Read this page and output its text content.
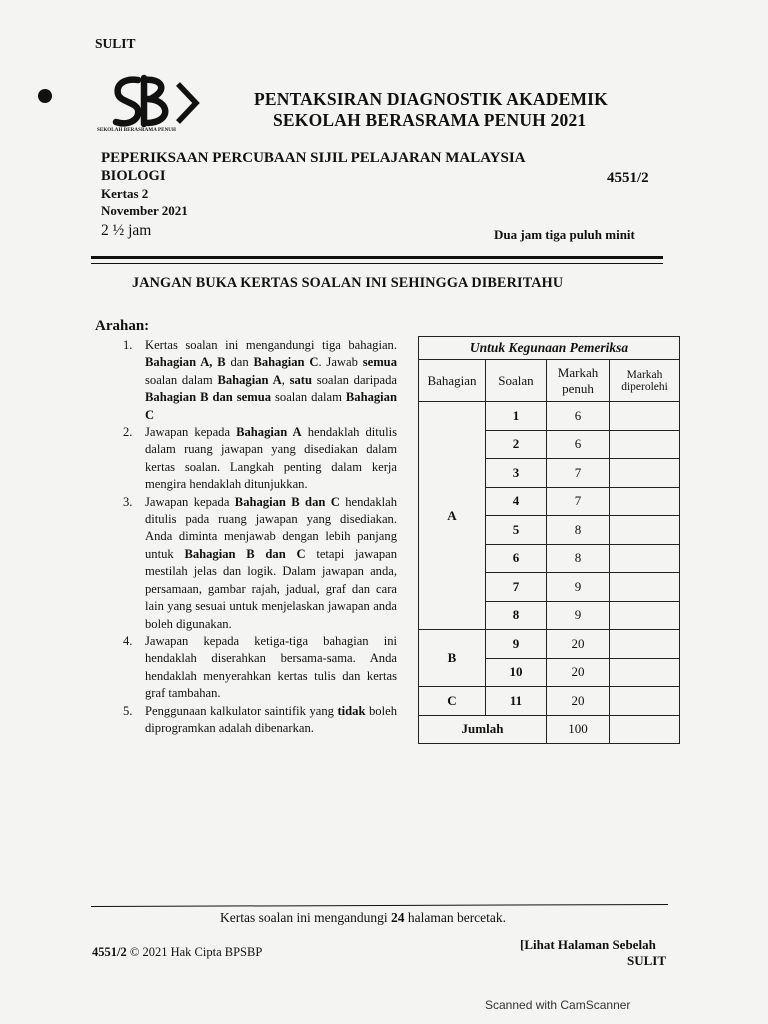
SULIT
SEKOLAH BERASRAMA PENUH
PENTAKSIRAN DIAGNOSTIK AKADEMIK
SEKOLAH BERASRAMA PENUH 2021
PEPERIKSAAN PERCUBAAN SIJIL PELAJARAN MALAYSIA
BIOLOGI	4551/2
Kertas 2
November 2021
2 ½ jam	Dua jam tiga puluh minit
JANGAN BUKA KERTAS SOALAN INI SEHINGGA DIBERITAHU
Arahan:
1. Kertas soalan ini mengandungi tiga bahagian. Bahagian A, B dan Bahagian C. Jawab semua soalan dalam Bahagian A, satu soalan daripada Bahagian B dan semua soalan dalam Bahagian C
2. Jawapan kepada Bahagian A hendaklah ditulis dalam ruang jawapan yang disediakan dalam kertas soalan. Langkah penting dalam kerja mengira hendaklah ditunjukkan.
3. Jawapan kepada Bahagian B dan C hendaklah ditulis pada ruang jawapan yang disediakan. Anda diminta menjawab dengan lebih panjang untuk Bahagian B dan C tetapi jawapan mestilah jelas dan logik. Dalam jawapan anda, persamaan, gambar rajah, jadual, graf dan cara lain yang sesuai untuk menjelaskan jawapan anda boleh digunakan.
4. Jawapan kepada ketiga-tiga bahagian ini hendaklah diserahkan bersama-sama. Anda hendaklah menyerahkan kertas tulis dan kertas graf tambahan.
5. Penggunaan kalkulator saintifik yang tidak boleh diprogramkan adalah dibenarkan.
Untuk Kegunaan Pemeriksa			
Bahagian	Soalan	Markah penuh	Markah diperolehi
A	1	6	
	2	6	
	3	7	
	4	7	
	5	8	
	6	8	
	7	9	
	8	9	
B	9	20	
	10	20	
C	11	20	
Jumlah		100	
Kertas soalan ini mengandungi 24 halaman bercetak.
4551/2 © 2021 Hak Cipta BPSBP	[Lihat Halaman Sebelah
SULIT
Scanned with CamScanner
